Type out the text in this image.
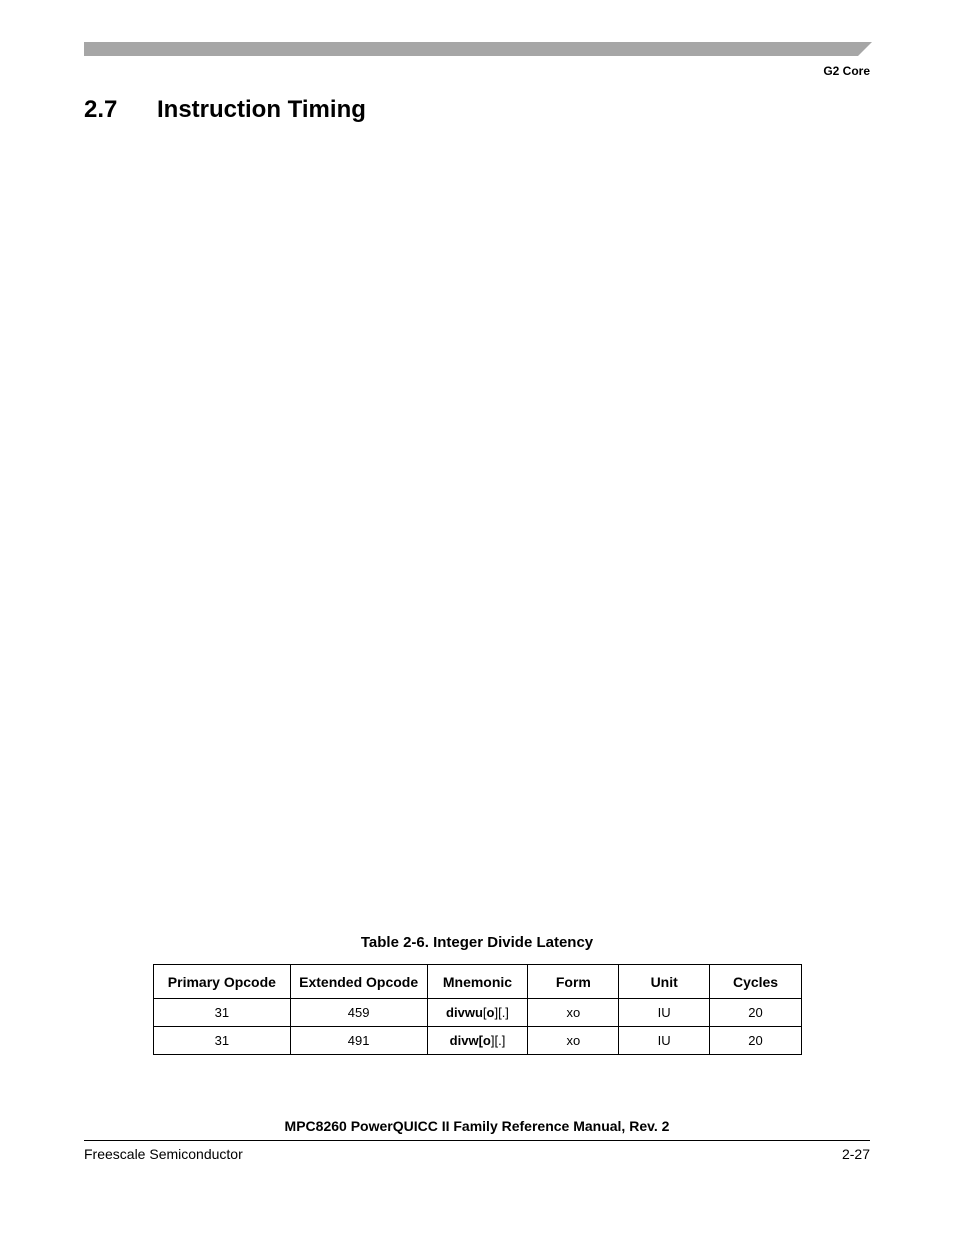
G2 Core
2.7 Instruction Timing
Table 2-6. Integer Divide Latency
Primary Opcode	Extended Opcode	Mnemonic	Form	Unit	Cycles
31	459	divwu[o][.]	xo	IU	20
31	491	divw[o][.]	xo	IU	20
MPC8260 PowerQUICC II Family Reference Manual, Rev. 2
Freescale Semiconductor	2-27
